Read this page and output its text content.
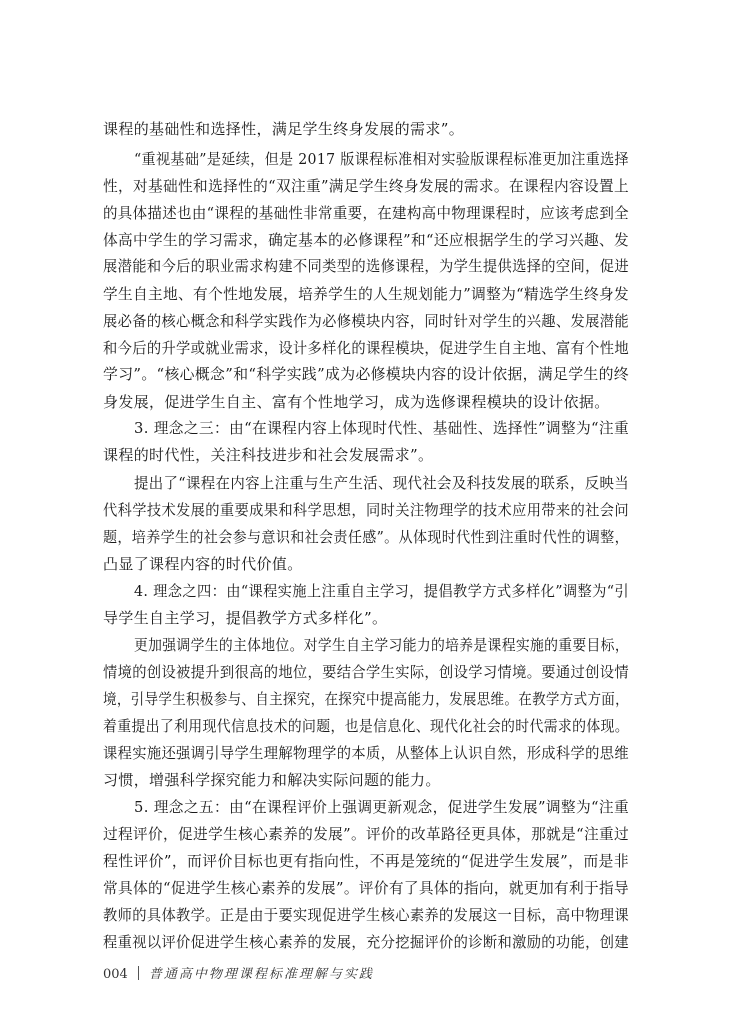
课程的基础性和选择性，满足学生终身发展的需求”。
“重视基础”是延续，但是 2017 版课程标准相对实验版课程标准更加注重选择
性，对基础性和选择性的“双注重”满足学生终身发展的需求。在课程内容设置上
的具体描述也由“课程的基础性非常重要，在建构高中物理课程时，应该考虑到全
体高中学生的学习需求，确定基本的必修课程”和“还应根据学生的学习兴趣、发
展潜能和今后的职业需求构建不同类型的选修课程，为学生提供选择的空间，促进
学生自主地、有个性地发展，培养学生的人生规划能力”调整为“精选学生终身发
展必备的核心概念和科学实践作为必修模块内容，同时针对学生的兴趣、发展潜能
和今后的升学或就业需求，设计多样化的课程模块，促进学生自主地、富有个性地
学习”。“核心概念”和“科学实践”成为必修模块内容的设计依据，满足学生的终
身发展，促进学生自主、富有个性地学习，成为选修课程模块的设计依据。
3. 理念之三：由“在课程内容上体现时代性、基础性、选择性”调整为“注重
课程的时代性，关注科技进步和社会发展需求”。
提出了“课程在内容上注重与生产生活、现代社会及科技发展的联系，反映当
代科学技术发展的重要成果和科学思想，同时关注物理学的技术应用带来的社会问
题，培养学生的社会参与意识和社会责任感”。从体现时代性到注重时代性的调整，
凸显了课程内容的时代价值。
4. 理念之四：由“课程实施上注重自主学习，提倡教学方式多样化”调整为“引
导学生自主学习，提倡教学方式多样化”。
更加强调学生的主体地位。对学生自主学习能力的培养是课程实施的重要目标，
情境的创设被提升到很高的地位，要结合学生实际，创设学习情境。要通过创设情
境，引导学生积极参与、自主探究，在探究中提高能力，发展思维。在教学方式方面，
着重提出了利用现代信息技术的问题，也是信息化、现代化社会的时代需求的体现。
课程实施还强调引导学生理解物理学的本质，从整体上认识自然，形成科学的思维
习惯，增强科学探究能力和解决实际问题的能力。
5. 理念之五：由“在课程评价上强调更新观念，促进学生发展”调整为“注重
过程评价，促进学生核心素养的发展”。评价的改革路径更具体，那就是“注重过
程性评价”，而评价目标也更有指向性，不再是笼统的“促进学生发展”，而是非
常具体的“促进学生核心素养的发展”。评价有了具体的指向，就更加有利于指导
教师的具体教学。正是由于要实现促进学生核心素养的发展这一目标，高中物理课
程重视以评价促进学生核心素养的发展，充分挖掘评价的诊断和激励的功能，创建
004 普通高中物理课程标准理解与实践
